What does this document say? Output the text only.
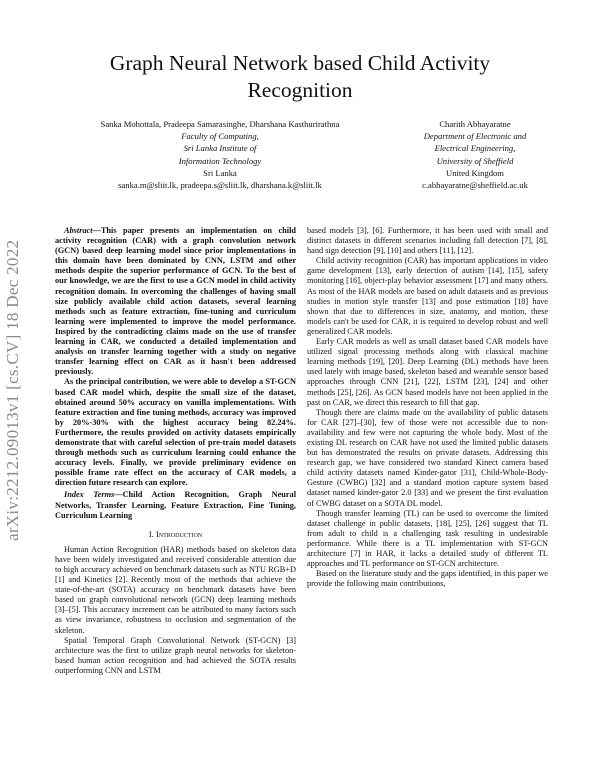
Graph Neural Network based Child Activity
Recognition
Sanka Mohottala, Pradeepa Samarasinghe, Dharshana Kasthurirathna
Faculty of Computing,
Sri Lanka Institute of
Information Technology
Sri Lanka
sanka.m@sliit.lk, pradeepa.s@sliit.lk, dharshana.k@sliit.lk
Charith Abhayaratne
Department of Electronic and
Electrical Engineering,
University of Sheffield
United Kingdom
c.abhayaratne@sheffield.ac.uk
arXiv:2212.09013v1 [cs.CV] 18 Dec 2022

Abstract—This paper presents an implementation on child activity recognition (CAR) with a graph convolution network (GCN) based deep learning model since prior implementations in this domain have been dominated by CNN, LSTM and other methods despite the superior performance of GCN. To the best of our knowledge, we are the first to use a GCN model in child activity recognition domain. In overcoming the challenges of having small size publicly available child action datasets, several learning methods such as feature extraction, fine-tuning and curriculum learning were implemented to improve the model performance. Inspired by the contradicting claims made on the use of transfer learning in CAR, we conducted a detailed implementation and analysis on transfer learning together with a study on negative transfer learning effect on CAR as it hasn't been addressed previously.

As the principal contribution, we were able to develop a ST-GCN based CAR model which, despite the small size of the dataset, obtained around 50% accuracy on vanilla implementations. With feature extraction and fine tuning methods, accuracy was improved by 20%-30% with the highest accuracy being 82.24%. Furthermore, the results provided on activity datasets empirically demonstrate that with careful selection of pre-train model datasets through methods such as curriculum learning could enhance the accuracy levels. Finally, we provide preliminary evidence on possible frame rate effect on the accuracy of CAR models, a direction future research can explore.

Index Terms—Child Action Recognition, Graph Neural Networks, Transfer Learning, Feature Extraction, Fine Tuning, Curriculum Learning

I. Introduction

Human Action Recognition (HAR) methods based on skeleton data have been widely investigated and received considerable attention due to high accuracy achieved on benchmark datasets such as NTU RGB+D [1] and Kinetics [2]. Recently most of the methods that achieve the state-of-the-art (SOTA) accuracy on benchmark datasets have been based on graph convolutional network (GCN) deep learning methods [3]–[5]. This accuracy increment can be attributed to many factors such as view invariance, robustness to occlusion and segmentation of the skeleton.

Spatial Temporal Graph Convolutional Network (ST-GCN) [3] architecture was the first to utilize graph neural networks for skeleton-based human action recognition and had achieved the SOTA results outperforming CNN and LSTM

based models [3], [6]. Furthermore, it has been used with small and distinct datasets in different scenarios including fall detection [7], [8], hand sign detection [9], [10] and others [11], [12].

Child activity recognition (CAR) has important applications in video game development [13], early detection of autism [14], [15], safety monitoring [16], object-play behavior assessment [17] and many others. As most of the HAR models are based on adult datasets and as previous studies in motion style transfer [13] and pose estimation [18] have shown that due to differences in size, anatomy, and motion, these models can't be used for CAR, it is required to develop robust and well generalized CAR models.

Early CAR models as well as small dataset based CAR models have utilized signal processing methods along with classical machine learning methods [19], [20]. Deep Learning (DL) methods have been used lately with image based, skeleton based and wearable sensor based approaches through CNN [21], [22], LSTM [23], [24] and other methods [25], [26]. As GCN based models have not been applied in the past on CAR, we direct this research to fill that gap.

Though there are claims made on the availability of public datasets for CAR [27]–[30], few of those were not accessible due to non-availability and few were not capturing the whole body. Most of the existing DL research on CAR have not used the limited public datasets but has demonstrated the results on private datasets. Addressing this research gap, we have considered two standard Kinect camera based child activity datasets named Kinder-gator [31], Child-Whole-Body-Gesture (CWBG) [32] and a standard motion capture system based dataset named kinder-gator 2.0 [33] and we present the first evaluation of CWBG dataset on a SOTA DL model.

Though transfer learning (TL) can be used to overcome the limited dataset challenge in public datasets, [18], [25], [26] suggest that TL from adult to child is a challenging task resulting in undesirable performance. While there is a TL implementation with ST-GCN architecture [7] in HAR, it lacks a detailed study of different TL approaches and TL performance on ST-GCN architecture.

Based on the literature study and the gaps identified, in this paper we provide the following main contributions,
